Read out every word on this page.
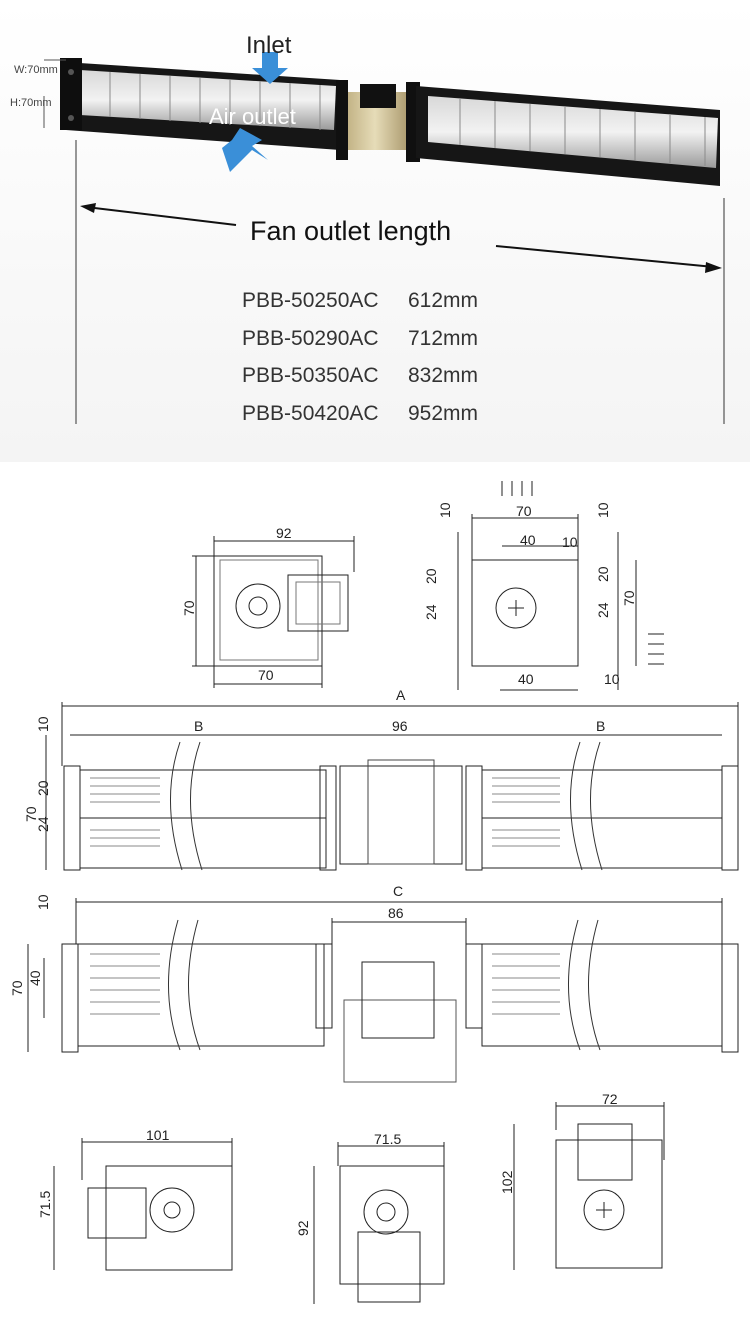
Inlet
Air outlet
W:70mm
H:70mm
Fan outlet length
PBB-50250AC	612mm
PBB-50290AC	712mm
PBB-50350AC	832mm
PBB-50420AC	952mm
92
70
70
70
40 10
10
20
24
10
20
24
70
40	10
A
B	B
96
10
20
70
24
C
86
10
70
40
101
71.5
71.5
92
72
102
